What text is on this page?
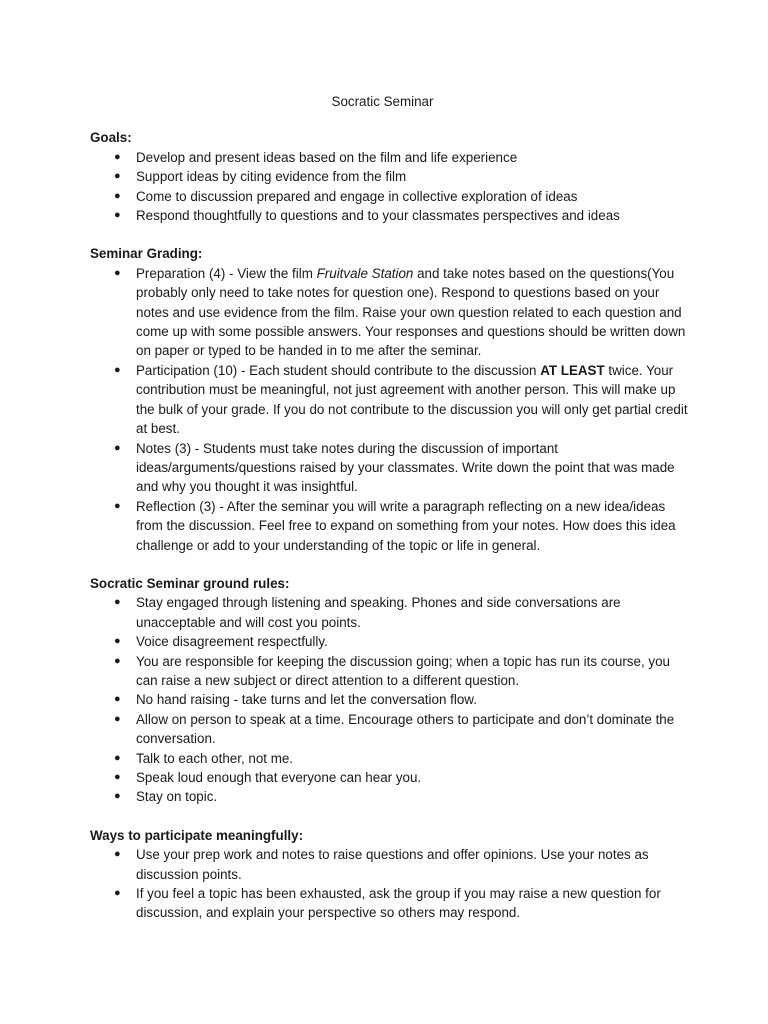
Socratic Seminar
Goals:
● Develop and present ideas based on the film and life experience
● Support ideas by citing evidence from the film
● Come to discussion prepared and engage in collective exploration of ideas
● Respond thoughtfully to questions and to your classmates perspectives and ideas
Seminar Grading:
● Preparation (4) - View the film Fruitvale Station and take notes based on the questions(You probably only need to take notes for question one). Respond to questions based on your notes and use evidence from the film. Raise your own question related to each question and come up with some possible answers. Your responses and questions should be written down on paper or typed to be handed in to me after the seminar.
● Participation (10) - Each student should contribute to the discussion AT LEAST twice. Your contribution must be meaningful, not just agreement with another person. This will make up the bulk of your grade. If you do not contribute to the discussion you will only get partial credit at best.
● Notes (3) - Students must take notes during the discussion of important ideas/arguments/questions raised by your classmates. Write down the point that was made and why you thought it was insightful.
● Reflection (3) - After the seminar you will write a paragraph reflecting on a new idea/ideas from the discussion. Feel free to expand on something from your notes. How does this idea challenge or add to your understanding of the topic or life in general.
Socratic Seminar ground rules:
● Stay engaged through listening and speaking. Phones and side conversations are unacceptable and will cost you points.
● Voice disagreement respectfully.
● You are responsible for keeping the discussion going; when a topic has run its course, you can raise a new subject or direct attention to a different question.
● No hand raising - take turns and let the conversation flow.
● Allow on person to speak at a time. Encourage others to participate and don’t dominate the conversation.
● Talk to each other, not me.
● Speak loud enough that everyone can hear you.
● Stay on topic.
Ways to participate meaningfully:
● Use your prep work and notes to raise questions and offer opinions. Use your notes as discussion points.
● If you feel a topic has been exhausted, ask the group if you may raise a new question for discussion, and explain your perspective so others may respond.
